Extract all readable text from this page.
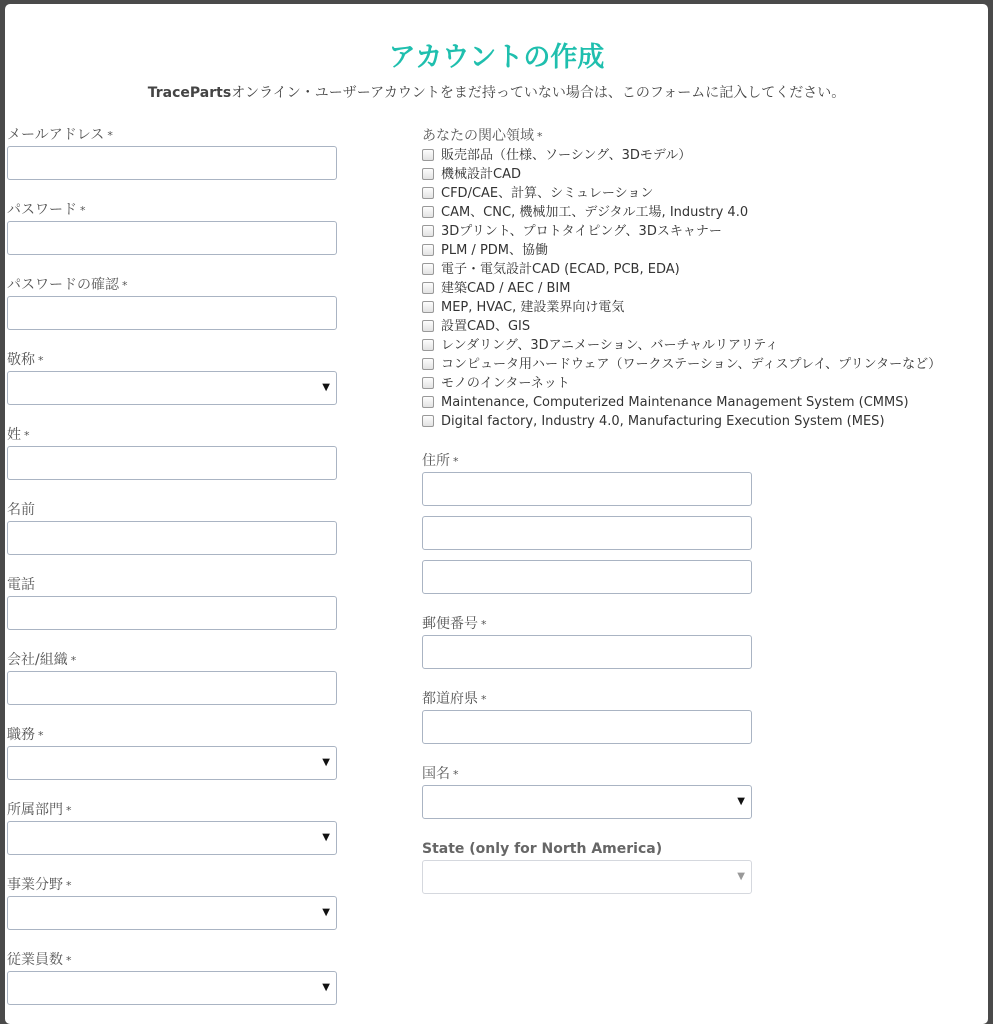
アカウントの作成
TracePartsオンライン・ユーザーアカウントをまだ持っていない場合は、このフォームに記入してください。
メールアドレス *
パスワード *
パスワードの確認 *
敬称 *
▼
姓 *
名前
電話
会社/組織 *
職務 *
▼
所属部門 *
▼
事業分野 *
▼
従業員数 *
▼
あなたの関心領域 *
販売部品（仕様、ソーシング、3Dモデル）
機械設計CAD
CFD/CAE、計算、シミュレーション
CAM、CNC, 機械加工、デジタル工場, Industry 4.0
3Dプリント、プロトタイピング、3Dスキャナー
PLM / PDM、協働
電子・電気設計CAD (ECAD, PCB, EDA)
建築CAD / AEC / BIM
MEP, HVAC, 建設業界向け電気
設置CAD、GIS
レンダリング、3Dアニメーション、バーチャルリアリティ
コンピュータ用ハードウェア（ワークステーション、ディスプレイ、プリンターなど）
モノのインターネット
Maintenance, Computerized Maintenance Management System (CMMS)
Digital factory, Industry 4.0, Manufacturing Execution System (MES)
住所 *
郵便番号 *
都道府県 *
国名 *
▼
State (only for North America)
▼
